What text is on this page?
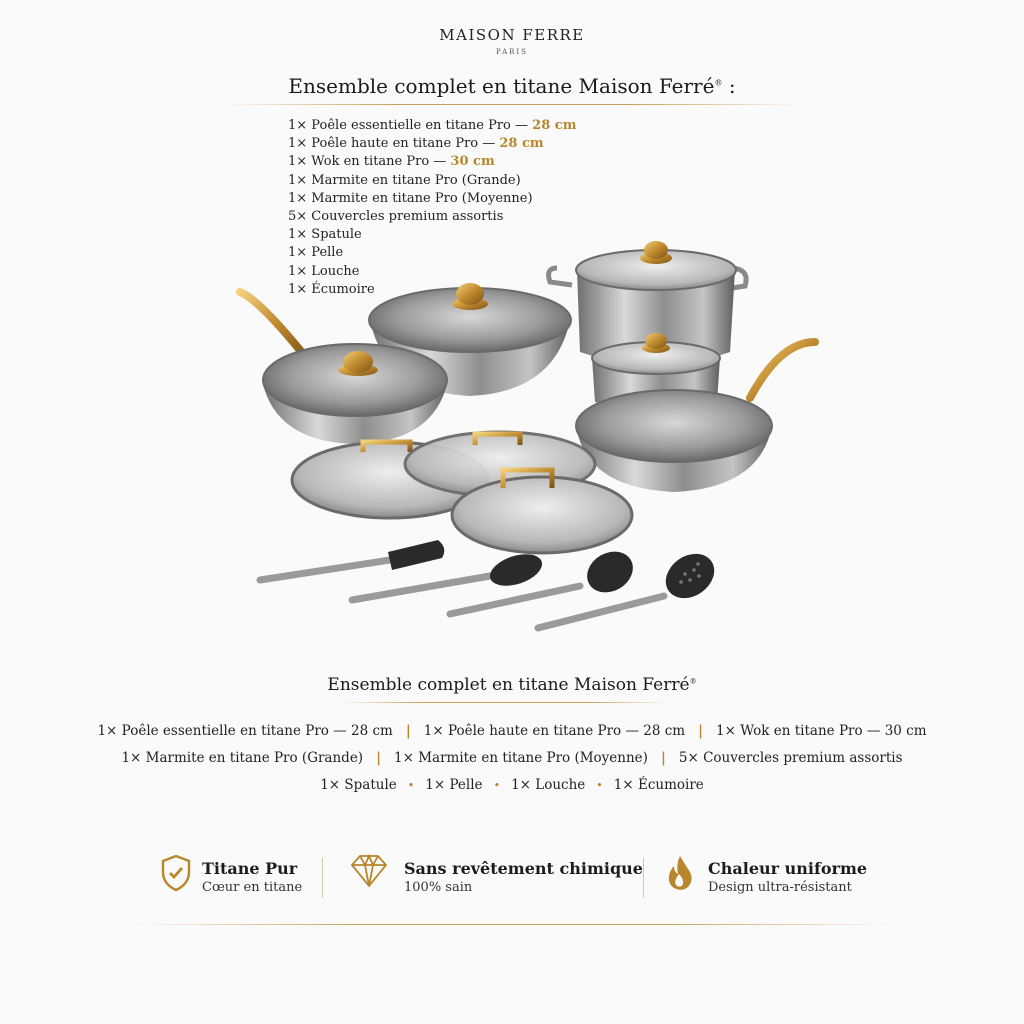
MAISON FERRE
PARIS
Ensemble complet en titane Maison Ferré® :
1× Poêle essentielle en titane Pro — 28 cm
1× Poêle haute en titane Pro — 28 cm
1× Wok en titane Pro — 30 cm
1× Marmite en titane Pro (Grande)
1× Marmite en titane Pro (Moyenne)
5× Couvercles premium assortis
1× Spatule
1× Pelle
1× Louche
1× Écumoire
Ensemble complet en titane Maison Ferré®
1× Poêle essentielle en titane Pro — 28 cm | 1× Poêle haute en titane Pro — 28 cm | 1× Wok en titane Pro — 30 cm
1× Marmite en titane Pro (Grande) | 1× Marmite en titane Pro (Moyenne) | 5× Couvercles premium assortis
1× Spatule • 1× Pelle • 1× Louche • 1× Écumoire
Titane Pur
Cœur en titane
Sans revêtement chimique
100% sain
Chaleur uniforme
Design ultra-résistant
